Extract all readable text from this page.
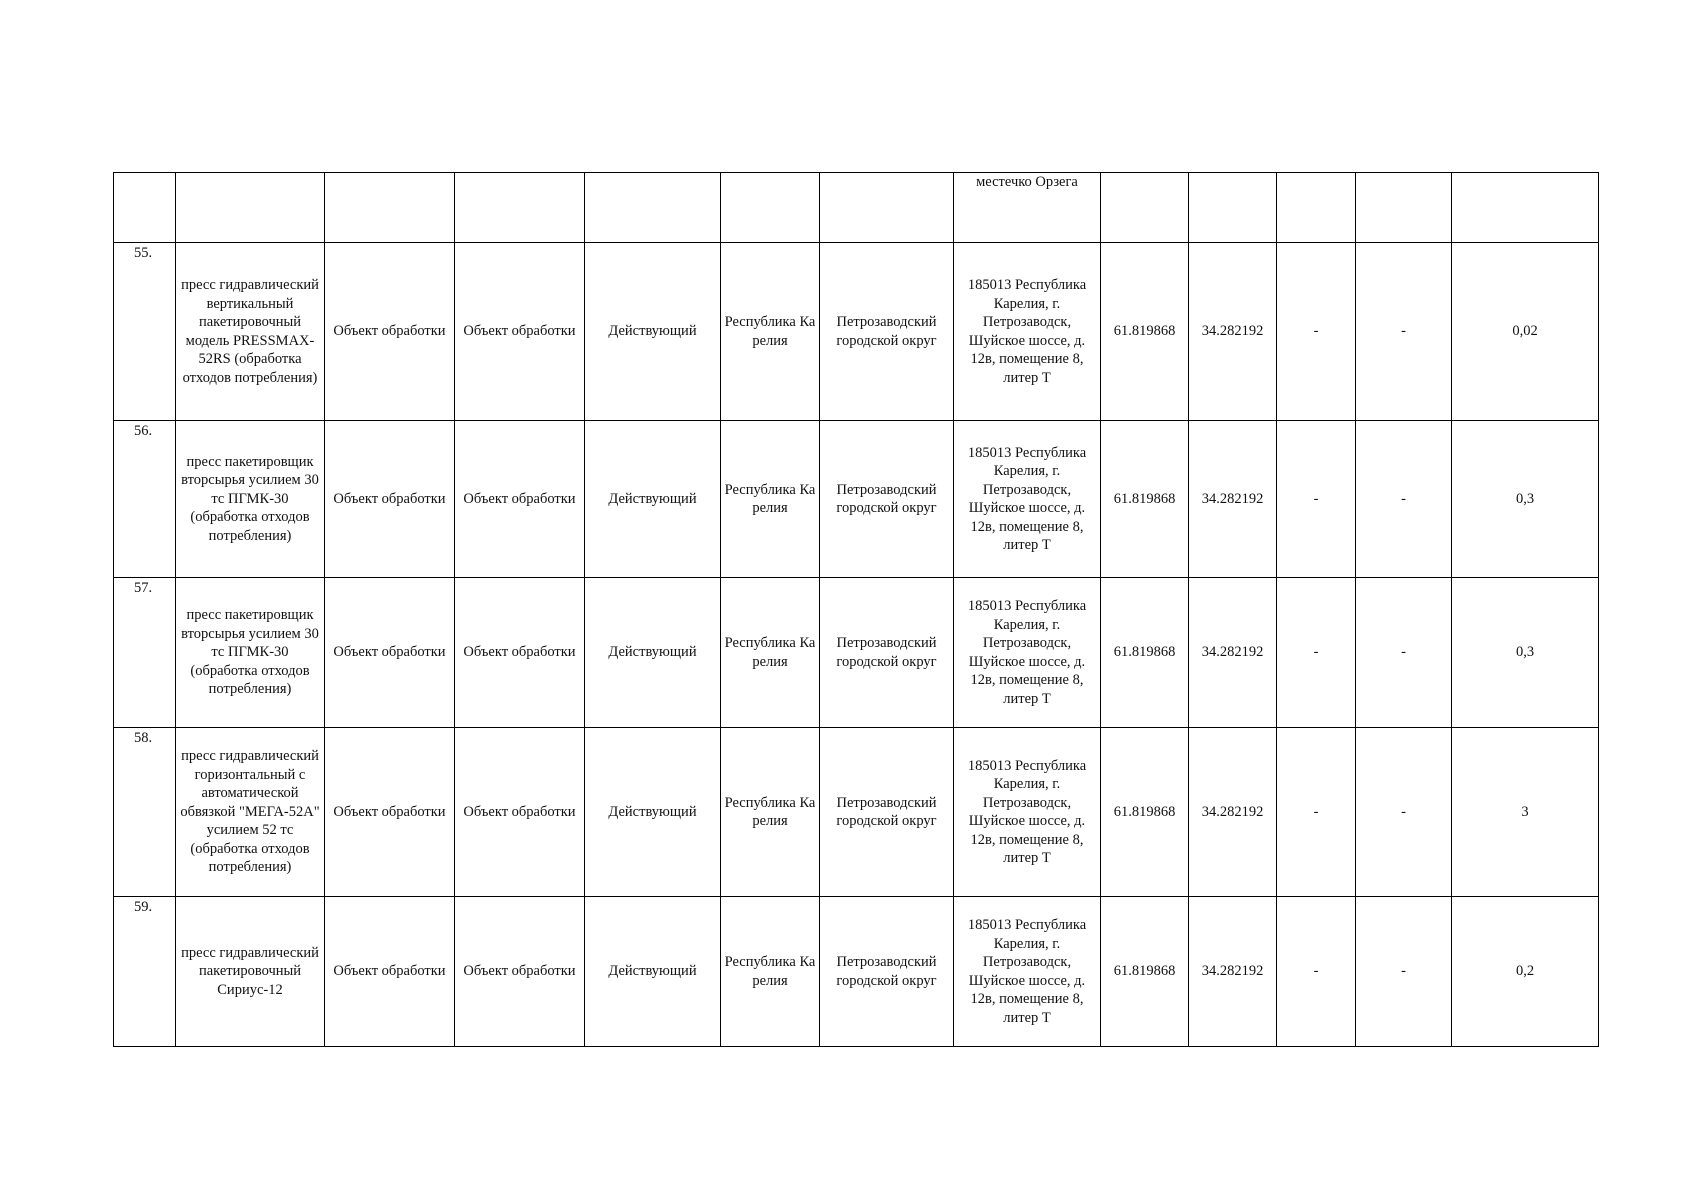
							местечко Орзега					
55.	пресс гидравлический вертикальный пакетировочный модель PRESSMAX-52RS (обработка отходов потребления)	Объект обработки	Объект обработки	Действующий	Республика Карелия	Петрозаводский городской округ	185013 Республика Карелия, г. Петрозаводск, Шуйское шоссе, д. 12в, помещение 8, литер Т	61.819868	34.282192	-	-	0,02
56.	пресс пакетировщик вторсырья усилием 30 тс ПГМК-30 (обработка отходов потребления)	Объект обработки	Объект обработки	Действующий	Республика Карелия	Петрозаводский городской округ	185013 Республика Карелия, г. Петрозаводск, Шуйское шоссе, д. 12в, помещение 8, литер Т	61.819868	34.282192	-	-	0,3
57.	пресс пакетировщик вторсырья усилием 30 тс ПГМК-30 (обработка отходов потребления)	Объект обработки	Объект обработки	Действующий	Республика Карелия	Петрозаводский городской округ	185013 Республика Карелия, г. Петрозаводск, Шуйское шоссе, д. 12в, помещение 8, литер Т	61.819868	34.282192	-	-	0,3
58.	пресс гидравлический горизонтальный с автоматической обвязкой "МЕГА-52А" усилием 52 тс (обработка отходов потребления)	Объект обработки	Объект обработки	Действующий	Республика Карелия	Петрозаводский городской округ	185013 Республика Карелия, г. Петрозаводск, Шуйское шоссе, д. 12в, помещение 8, литер Т	61.819868	34.282192	-	-	3
59.	пресс гидравлический пакетировочный Сириус-12	Объект обработки	Объект обработки	Действующий	Республика Карелия	Петрозаводский городской округ	185013 Республика Карелия, г. Петрозаводск, Шуйское шоссе, д. 12в, помещение 8, литер Т	61.819868	34.282192	-	-	0,2
